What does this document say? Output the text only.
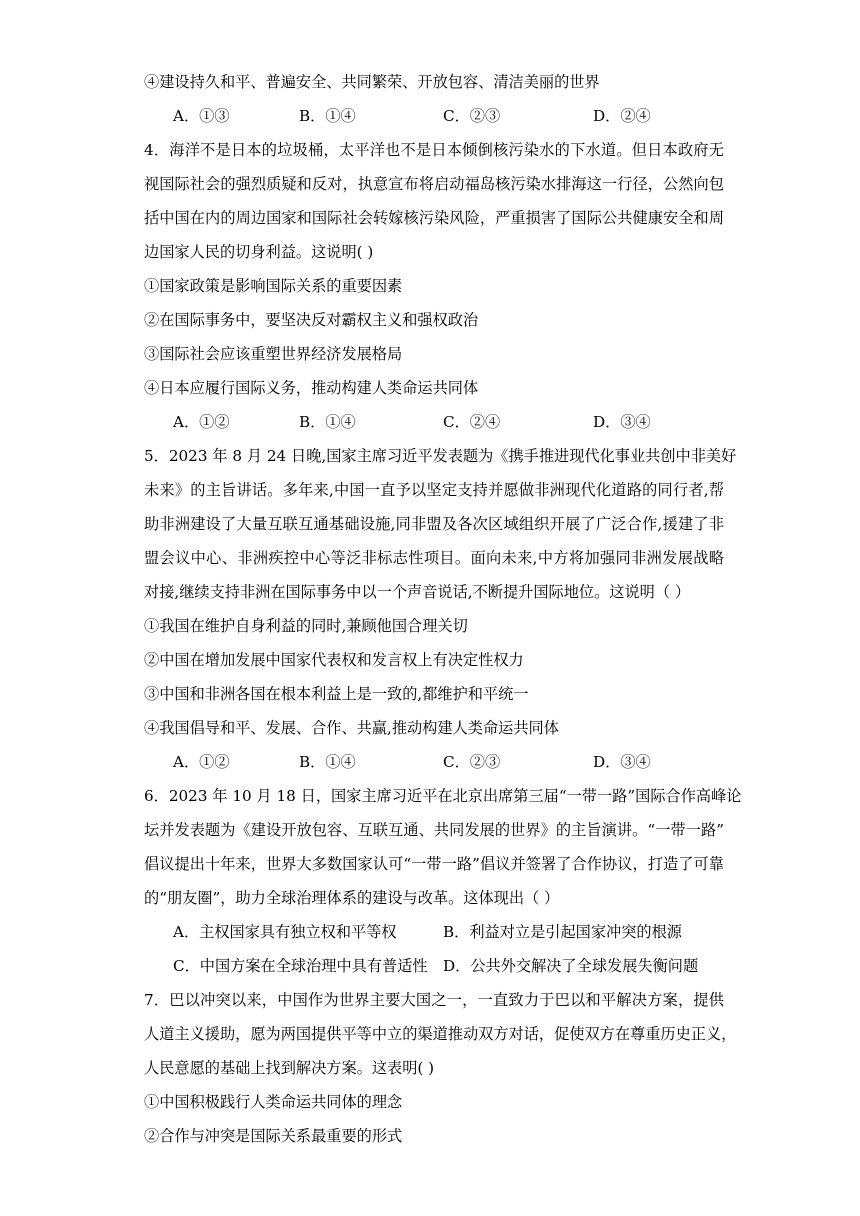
④建设持久和平、普遍安全、共同繁荣、开放包容、清洁美丽的世界
A．①③	B．①④	C．②③	D．②④
4．海洋不是日本的垃圾桶，太平洋也不是日本倾倒核污染水的下水道。但日本政府无
视国际社会的强烈质疑和反对，执意宣布将启动福岛核污染水排海这一行径，公然向包
括中国在内的周边国家和国际社会转嫁核污染风险，严重损害了国际公共健康安全和周
边国家人民的切身利益。这说明( )
①国家政策是影响国际关系的重要因素
②在国际事务中，要坚决反对霸权主义和强权政治
③国际社会应该重塑世界经济发展格局
④日本应履行国际义务，推动构建人类命运共同体
A．①②	B．①④	C．②④	D．③④
5．2023 年 8 月 24 日晚,国家主席习近平发表题为《携手推进现代化事业共创中非美好
未来》的主旨讲话。多年来,中国一直予以坚定支持并愿做非洲现代化道路的同行者,帮
助非洲建设了大量互联互通基础设施,同非盟及各次区域组织开展了广泛合作,援建了非
盟会议中心、非洲疾控中心等泛非标志性项目。面向未来,中方将加强同非洲发展战略
对接,继续支持非洲在国际事务中以一个声音说话,不断提升国际地位。这说明（ ）
①我国在维护自身利益的同时,兼顾他国合理关切
②中国在增加发展中国家代表权和发言权上有决定性权力
③中国和非洲各国在根本利益上是一致的,都维护和平统一
④我国倡导和平、发展、合作、共赢,推动构建人类命运共同体
A．①②	B．①④	C．②③	D．③④
6．2023 年 10 月 18 日，国家主席习近平在北京出席第三届“一带一路”国际合作高峰论
坛并发表题为《建设开放包容、互联互通、共同发展的世界》的主旨演讲。“一带一路”
倡议提出十年来，世界大多数国家认可“一带一路”倡议并签署了合作协议，打造了可靠
的“朋友圈”，助力全球治理体系的建设与改革。这体现出（ ）
A．主权国家具有独立权和平等权	B．利益对立是引起国家冲突的根源
C．中国方案在全球治理中具有普适性 D．公共外交解决了全球发展失衡问题
7．巴以冲突以来，中国作为世界主要大国之一，一直致力于巴以和平解决方案，提供
人道主义援助，愿为两国提供平等中立的渠道推动双方对话，促使双方在尊重历史正义，
人民意愿的基础上找到解决方案。这表明( )
①中国积极践行人类命运共同体的理念
②合作与冲突是国际关系最重要的形式
